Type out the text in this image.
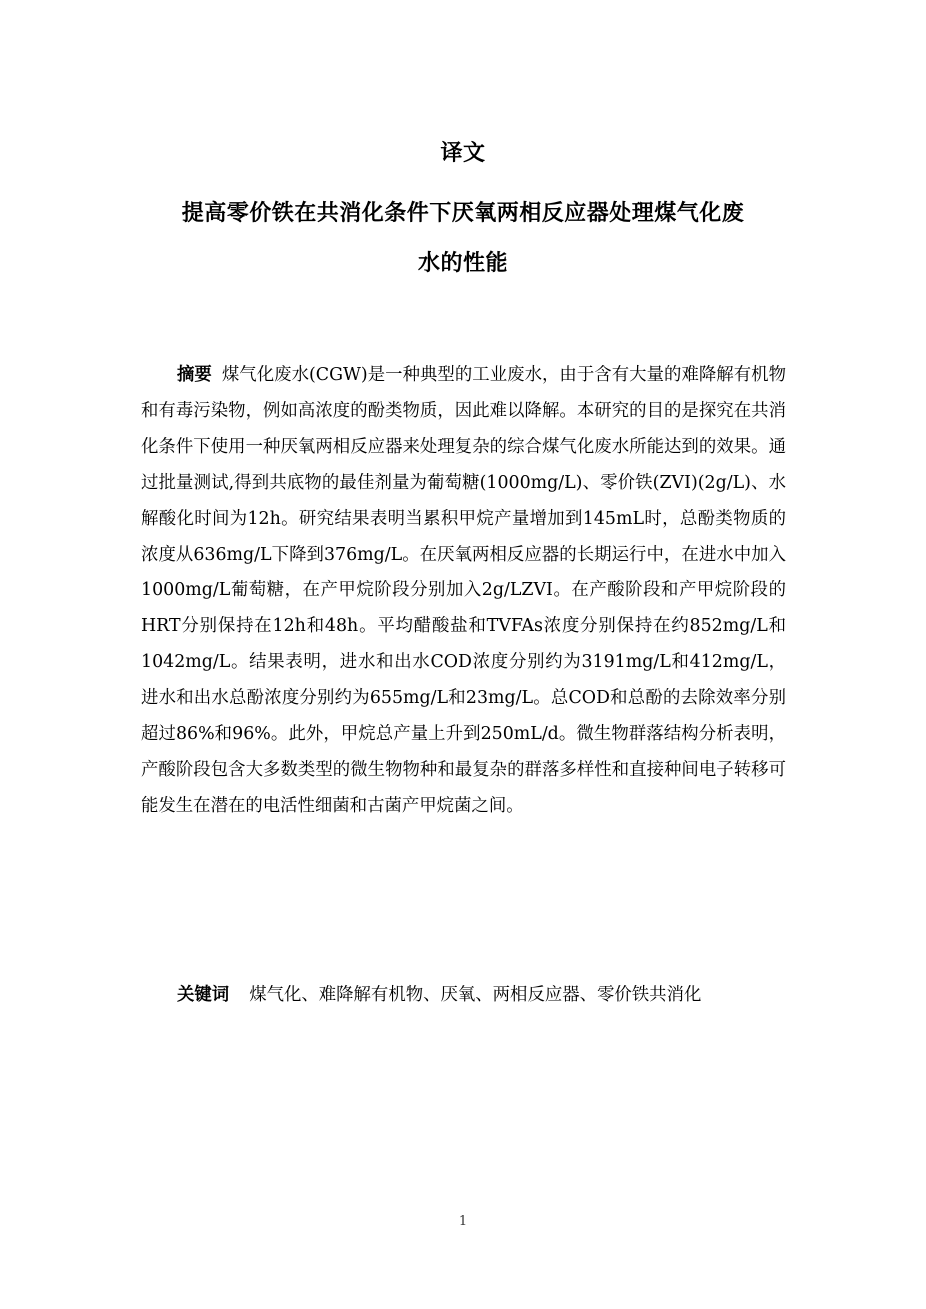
译文
提高零价铁在共消化条件下厌氧两相反应器处理煤气化废
水的性能

摘要 煤气化废水(CGW)是一种典型的工业废水，由于含有大量的难降解有机物和有毒污染物，例如高浓度的酚类物质，因此难以降解。本研究的目的是探究在共消化条件下使用一种厌氧两相反应器来处理复杂的综合煤气化废水所能达到的效果。通过批量测试,得到共底物的最佳剂量为葡萄糖(1000mg/L)、零价铁(ZVI)(2g/L)、水解酸化时间为12h。研究结果表明当累积甲烷产量增加到145mL时，总酚类物质的浓度从636mg/L下降到376mg/L。在厌氧两相反应器的长期运行中，在进水中加入1000mg/L葡萄糖，在产甲烷阶段分别加入2g/LZVI。在产酸阶段和产甲烷阶段的HRT分别保持在12h和48h。平均醋酸盐和TVFAs浓度分别保持在约852mg/L和1042mg/L。结果表明，进水和出水COD浓度分别约为3191mg/L和412mg/L，进水和出水总酚浓度分别约为655mg/L和23mg/L。总COD和总酚的去除效率分别超过86%和96%。此外，甲烷总产量上升到250mL/d。微生物群落结构分析表明，产酸阶段包含大多数类型的微生物物种和最复杂的群落多样性和直接种间电子转移可能发生在潜在的电活性细菌和古菌产甲烷菌之间。

关键词 煤气化、难降解有机物、厌氧、两相反应器、零价铁共消化
1
